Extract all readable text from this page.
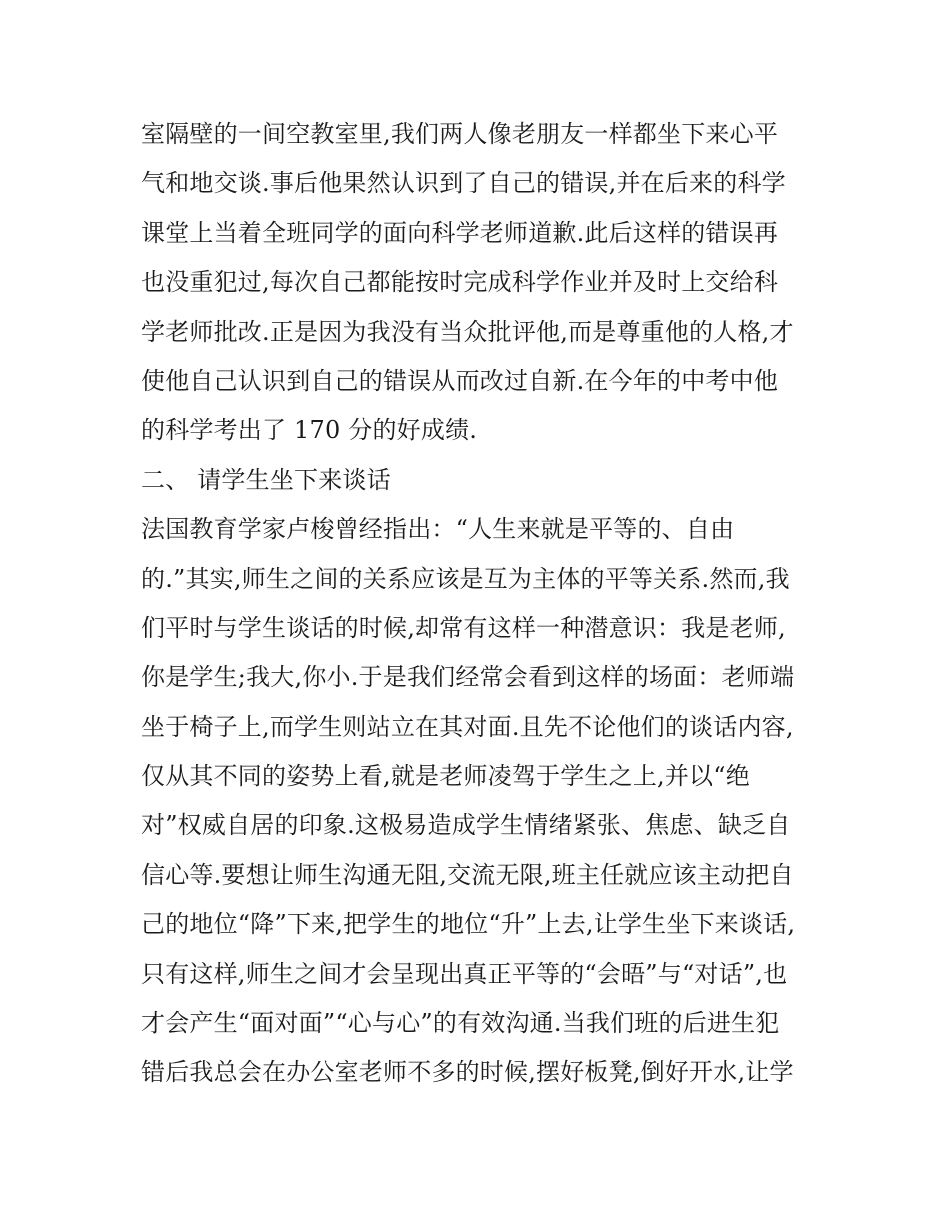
室隔壁的一间空教室里,我们两人像老朋友一样都坐下来心平
气和地交谈.事后他果然认识到了自己的错误,并在后来的科学
课堂上当着全班同学的面向科学老师道歉.此后这样的错误再
也没重犯过,每次自己都能按时完成科学作业并及时上交给科
学老师批改.正是因为我没有当众批评他,而是尊重他的人格,才
使他自己认识到自己的错误从而改过自新.在今年的中考中他
的科学考出了 170 分的好成绩.
二、 请学生坐下来谈话
法国教育学家卢梭曾经指出：“人生来就是平等的、自由
的.”其实,师生之间的关系应该是互为主体的平等关系.然而,我
们平时与学生谈话的时候,却常有这样一种潜意识：我是老师,
你是学生;我大,你小.于是我们经常会看到这样的场面：老师端
坐于椅子上,而学生则站立在其对面.且先不论他们的谈话内容,
仅从其不同的姿势上看,就是老师凌驾于学生之上,并以“绝
对”权威自居的印象.这极易造成学生情绪紧张、焦虑、缺乏自
信心等.要想让师生沟通无阻,交流无限,班主任就应该主动把自
己的地位“降”下来,把学生的地位“升”上去,让学生坐下来谈话,
只有这样,师生之间才会呈现出真正平等的“会晤”与“对话”,也
才会产生“面对面”“心与心”的有效沟通.当我们班的后进生犯
错后我总会在办公室老师不多的时候,摆好板凳,倒好开水,让学
